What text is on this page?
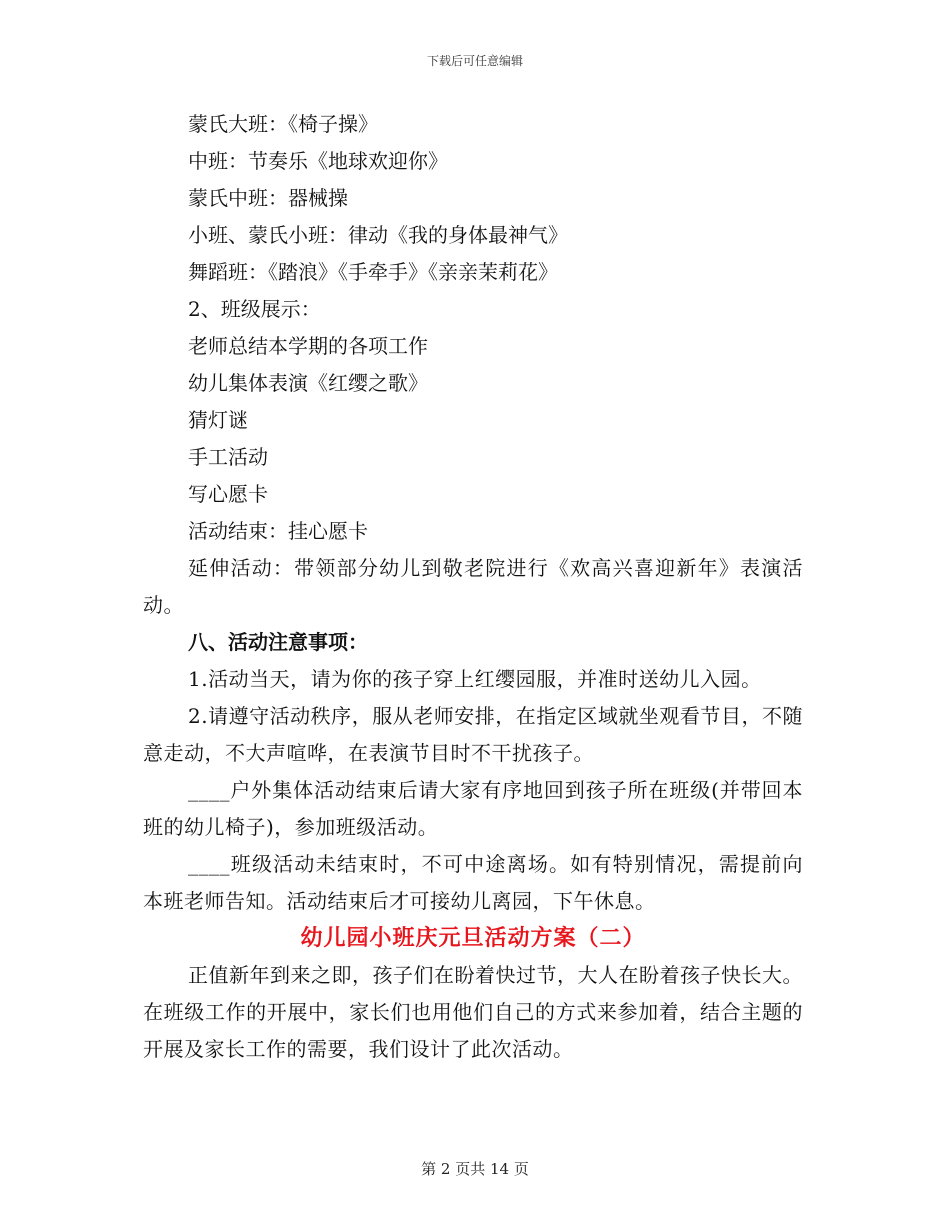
下载后可任意编辑
蒙氏大班：《椅子操》
中班：节奏乐《地球欢迎你》
蒙氏中班：器械操
小班、蒙氏小班：律动《我的身体最神气》
舞蹈班：《踏浪》《手牵手》《亲亲茉莉花》
2、班级展示：
老师总结本学期的各项工作
幼儿集体表演《红缨之歌》
猜灯谜
手工活动
写心愿卡
活动结束：挂心愿卡
延伸活动：带领部分幼儿到敬老院进行《欢高兴喜迎新年》表演活动。
八、活动注意事项：
1.活动当天，请为你的孩子穿上红缨园服，并准时送幼儿入园。
2.请遵守活动秩序，服从老师安排，在指定区域就坐观看节目，不随意走动，不大声喧哗，在表演节目时不干扰孩子。
____户外集体活动结束后请大家有序地回到孩子所在班级(并带回本班的幼儿椅子)，参加班级活动。
____班级活动未结束时，不可中途离场。如有特别情况，需提前向本班老师告知。活动结束后才可接幼儿离园，下午休息。
幼儿园小班庆元旦活动方案（二）
正值新年到来之即，孩子们在盼着快过节，大人在盼着孩子快长大。在班级工作的开展中，家长们也用他们自己的方式来参加着，结合主题的开展及家长工作的需要，我们设计了此次活动。
第 2 页共 14 页
